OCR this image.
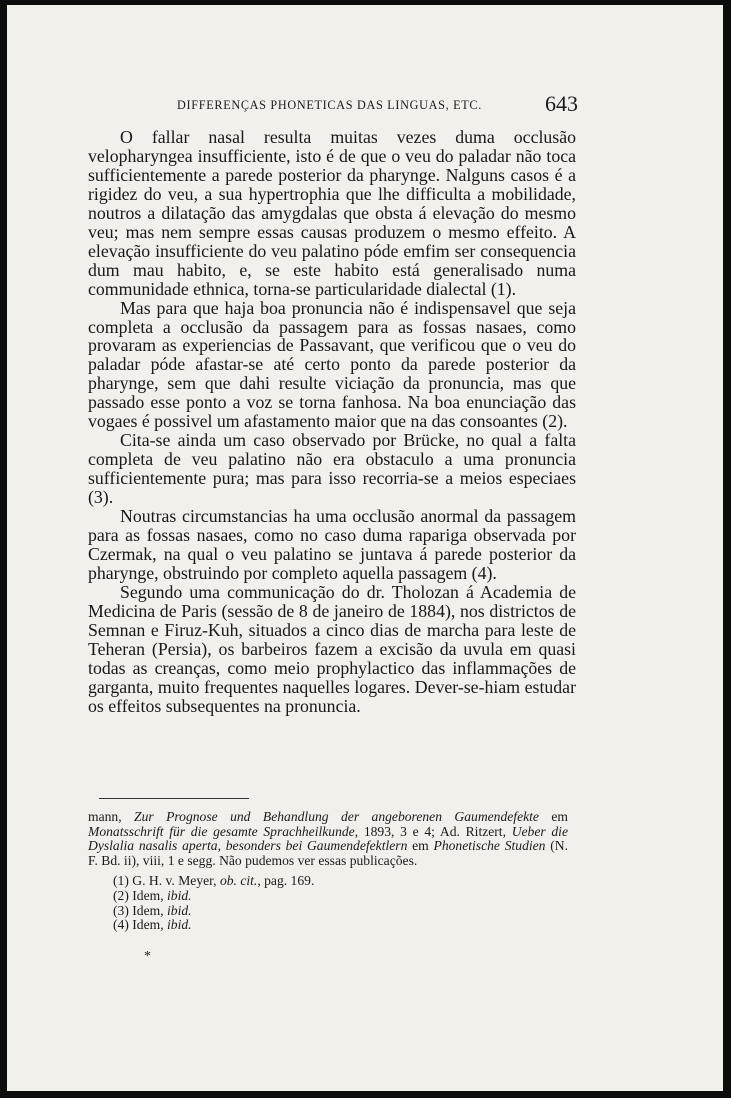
DIFFERENÇAS PHONETICAS DAS LINGUAS, ETC.	643

O fallar nasal resulta muitas vezes duma occlusão velopharyngea insufficiente, isto é de que o veu do paladar não toca sufficientemente a parede posterior da pharynge. Nalguns casos é a rigidez do veu, a sua hypertrophia que lhe difficulta a mobilidade, noutros a dilatação das amygdalas que obsta á elevação do mesmo veu; mas nem sempre essas causas produzem o mesmo effeito. A elevação insufficiente do veu palatino póde emfim ser consequencia dum mau habito, e, se este habito está generalisado numa communidade ethnica, torna-se particularidade dialectal (1).

Mas para que haja boa pronuncia não é indispensavel que seja completa a occlusão da passagem para as fossas nasaes, como provaram as experiencias de Passavant, que verificou que o veu do paladar póde afastar-se até certo ponto da parede posterior da pharynge, sem que dahi resulte viciação da pronuncia, mas que passado esse ponto a voz se torna fanhosa. Na boa enunciação das vogaes é possivel um afastamento maior que na das consoantes (2).

Cita-se ainda um caso observado por Brücke, no qual a falta completa de veu palatino não era obstaculo a uma pronuncia sufficientemente pura; mas para isso recorria-se a meios especiaes (3).

Noutras circumstancias ha uma occlusão anormal da passagem para as fossas nasaes, como no caso duma rapariga observada por Czermak, na qual o veu palatino se juntava á parede posterior da pharynge, obstruindo por completo aquella passagem (4).

Segundo uma communicação do dr. Tholozan á Academia de Medicina de Paris (sessão de 8 de janeiro de 1884), nos districtos de Semnan e Firuz-Kuh, situados a cinco dias de marcha para leste de Teheran (Persia), os barbeiros fazem a excisão da uvula em quasi todas as creanças, como meio prophylactico das inflammações de garganta, muito frequentes naquelles logares. Dever-se-hiam estudar os effeitos subsequentes na pronuncia.

mann, Zur Prognose und Behandlung der angeborenen Gaumendefekte em Monatsschrift für die gesamte Sprachheilkunde, 1893, 3 e 4; Ad. Ritzert, Ueber die Dyslalia nasalis aperta, besonders bei Gaumendefektlern em Phonetische Studien (N. F. Bd. ii), viii, 1 e segg. Não pudemos ver essas publicações.

(1) G. H. v. Meyer, ob. cit., pag. 169.

(2) Idem, ibid.

(3) Idem, ibid.

(4) Idem, ibid.

*
